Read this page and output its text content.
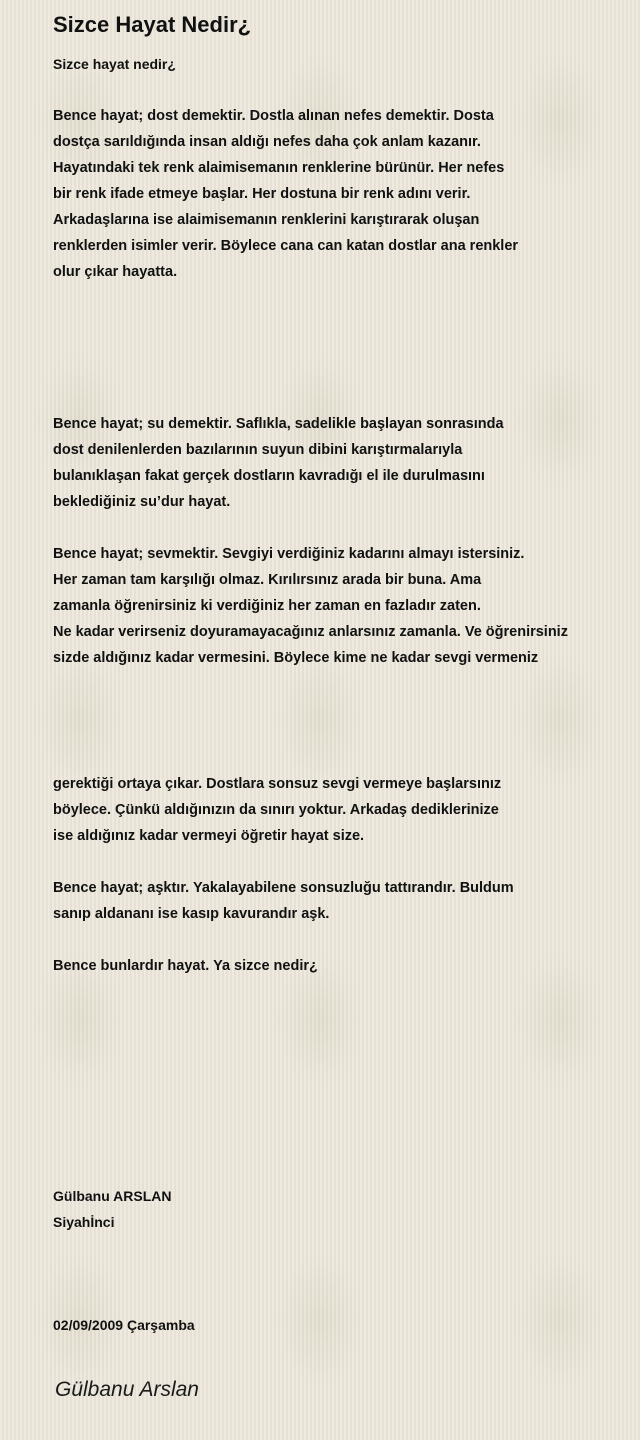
Sizce Hayat Nedir¿

Sizce hayat nedir¿

Bence hayat; dost demektir. Dostla alınan nefes demektir. Dosta
dostça sarıldığında insan aldığı nefes daha çok anlam kazanır.
Hayatındaki tek renk alaimisemanın renklerine bürünür. Her nefes
bir renk ifade etmeye başlar. Her dostuna bir renk adını verir.
Arkadaşlarına ise alaimisemanın renklerini karıştırarak oluşan
renklerden isimler verir. Böylece cana can katan dostlar ana renkler
olur çıkar hayatta.
Bence hayat; su demektir. Saflıkla, sadelikle başlayan sonrasında
dost denilenlerden bazılarının suyun dibini karıştırmalarıyla
bulanıklaşan fakat gerçek dostların kavradığı el ile durulmasını
beklediğiniz su’dur hayat.
Bence hayat; sevmektir. Sevgiyi verdiğiniz kadarını almayı istersiniz.
Her zaman tam karşılığı olmaz. Kırılırsınız arada bir buna. Ama
zamanla öğrenirsiniz ki verdiğiniz her zaman en fazladır zaten.
Ne kadar verirseniz doyuramayacağınız anlarsınız zamanla. Ve öğrenirsiniz
sizde aldığınız kadar vermesini. Böylece kime ne kadar sevgi vermeniz
gerektiği ortaya çıkar. Dostlara sonsuz sevgi vermeye başlarsınız
böylece. Çünkü aldığınızın da sınırı yoktur. Arkadaş dediklerinize
ise aldığınız kadar vermeyi öğretir hayat size.
Bence hayat; aşktır. Yakalayabilene sonsuzluğu tattırandır. Buldum
sanıp aldananı ise kasıp kavurandır aşk.
Bence bunlardır hayat. Ya sizce nedir¿
Gülbanu ARSLAN
Siyahİnci
02/09/2009 Çarşamba
Gülbanu Arslan
